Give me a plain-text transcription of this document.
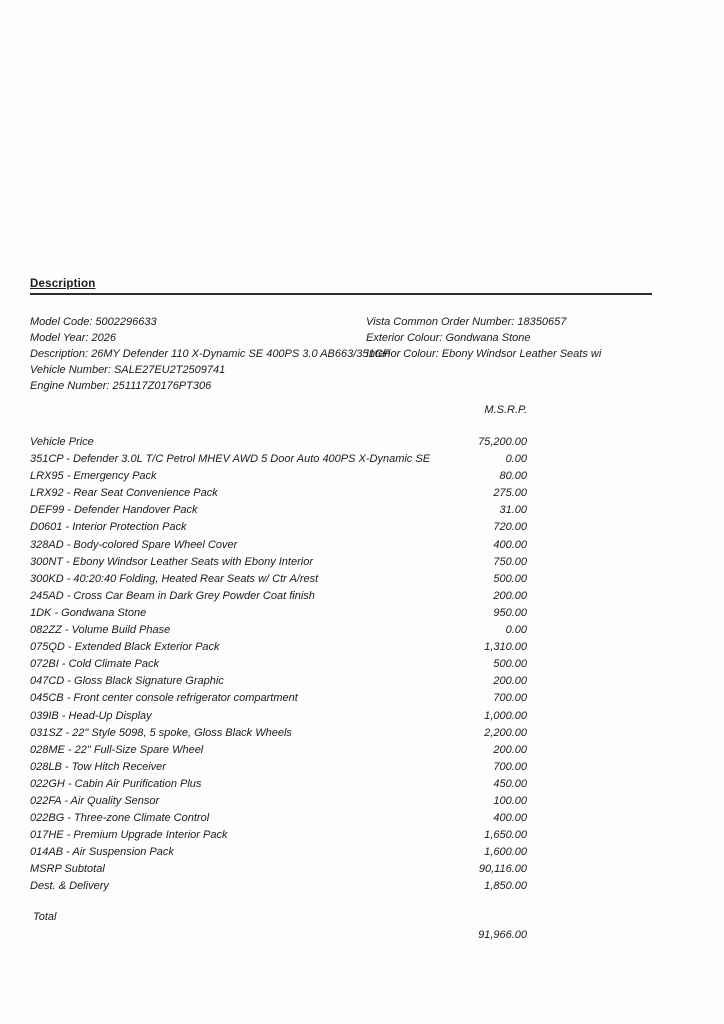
Description
Model Code: 5002296633
Model Year: 2026
Description: 26MY Defender 110 X-Dynamic SE 400PS 3.0 AB663/351CP
Vehicle Number: SALE27EU2T2509741
Engine Number: 251117Z0176PT306
Vista Common Order Number: 18350657
Exterior Colour: Gondwana Stone
Interior Colour: Ebony Windsor Leather Seats wi
M.S.R.P.
Vehicle Price	75,200.00
351CP - Defender 3.0L T/C Petrol MHEV AWD 5 Door Auto 400PS X-Dynamic SE	0.00
LRX95 - Emergency Pack	80.00
LRX92 - Rear Seat Convenience Pack	275.00
DEF99 - Defender Handover Pack	31.00
D0601 - Interior Protection Pack	720.00
328AD - Body-colored Spare Wheel Cover	400.00
300NT - Ebony Windsor Leather Seats with Ebony Interior	750.00
300KD - 40:20:40 Folding, Heated Rear Seats w/ Ctr A/rest	500.00
245AD - Cross Car Beam in Dark Grey Powder Coat finish	200.00
1DK - Gondwana Stone	950.00
082ZZ - Volume Build Phase	0.00
075QD - Extended Black Exterior Pack	1,310.00
072BI - Cold Climate Pack	500.00
047CD - Gloss Black Signature Graphic	200.00
045CB - Front center console refrigerator compartment	700.00
039IB - Head-Up Display	1,000.00
031SZ - 22" Style 5098, 5 spoke, Gloss Black Wheels	2,200.00
028ME - 22" Full-Size Spare Wheel	200.00
028LB - Tow Hitch Receiver	700.00
022GH - Cabin Air Purification Plus	450.00
022FA - Air Quality Sensor	100.00
022BG - Three-zone Climate Control	400.00
017HE - Premium Upgrade Interior Pack	1,650.00
014AB - Air Suspension Pack	1,600.00
MSRP Subtotal	90,116.00
Dest. & Delivery	1,850.00
Total
91,966.00
